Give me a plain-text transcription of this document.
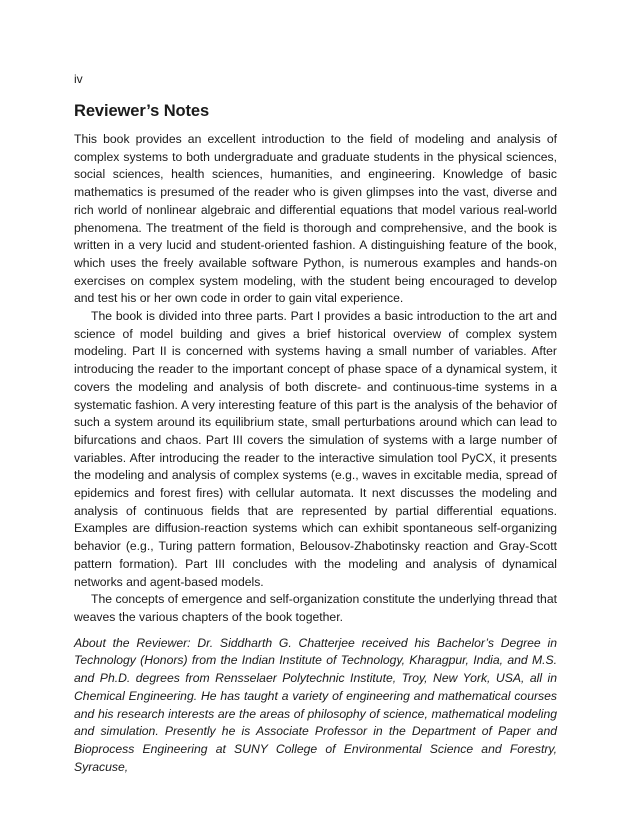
iv
Reviewer’s Notes

This book provides an excellent introduction to the field of modeling and analysis of complex systems to both undergraduate and graduate students in the physical sciences, social sciences, health sciences, humanities, and engineering. Knowledge of basic mathematics is presumed of the reader who is given glimpses into the vast, diverse and rich world of nonlinear algebraic and differential equations that model various real-world phenomena. The treatment of the field is thorough and comprehensive, and the book is written in a very lucid and student-oriented fashion. A distinguishing feature of the book, which uses the freely available software Python, is numerous examples and hands-on exercises on complex system modeling, with the student being encouraged to develop and test his or her own code in order to gain vital experience.

The book is divided into three parts. Part I provides a basic introduction to the art and science of model building and gives a brief historical overview of complex system modeling. Part II is concerned with systems having a small number of variables. After introducing the reader to the important concept of phase space of a dynamical system, it covers the modeling and analysis of both discrete- and continuous-time systems in a systematic fashion. A very interesting feature of this part is the analysis of the behavior of such a system around its equilibrium state, small perturbations around which can lead to bifurcations and chaos. Part III covers the simulation of systems with a large number of variables. After introducing the reader to the interactive simulation tool PyCX, it presents the modeling and analysis of complex systems (e.g., waves in excitable media, spread of epidemics and forest fires) with cellular automata. It next discusses the modeling and analysis of continuous fields that are represented by partial differential equations. Examples are diffusion-reaction systems which can exhibit spontaneous self-organizing behavior (e.g., Turing pattern formation, Belousov-Zhabotinsky reaction and Gray-Scott pattern formation). Part III concludes with the modeling and analysis of dynamical networks and agent-based models.

The concepts of emergence and self-organization constitute the underlying thread that weaves the various chapters of the book together.

About the Reviewer: Dr. Siddharth G. Chatterjee received his Bachelor’s Degree in Technology (Honors) from the Indian Institute of Technology, Kharagpur, India, and M.S. and Ph.D. degrees from Rensselaer Polytechnic Institute, Troy, New York, USA, all in Chemical Engineering. He has taught a variety of engineering and mathematical courses and his research interests are the areas of philosophy of science, mathematical modeling and simulation. Presently he is Associate Professor in the Department of Paper and Bioprocess Engineering at SUNY College of Environmental Science and Forestry, Syracuse,
